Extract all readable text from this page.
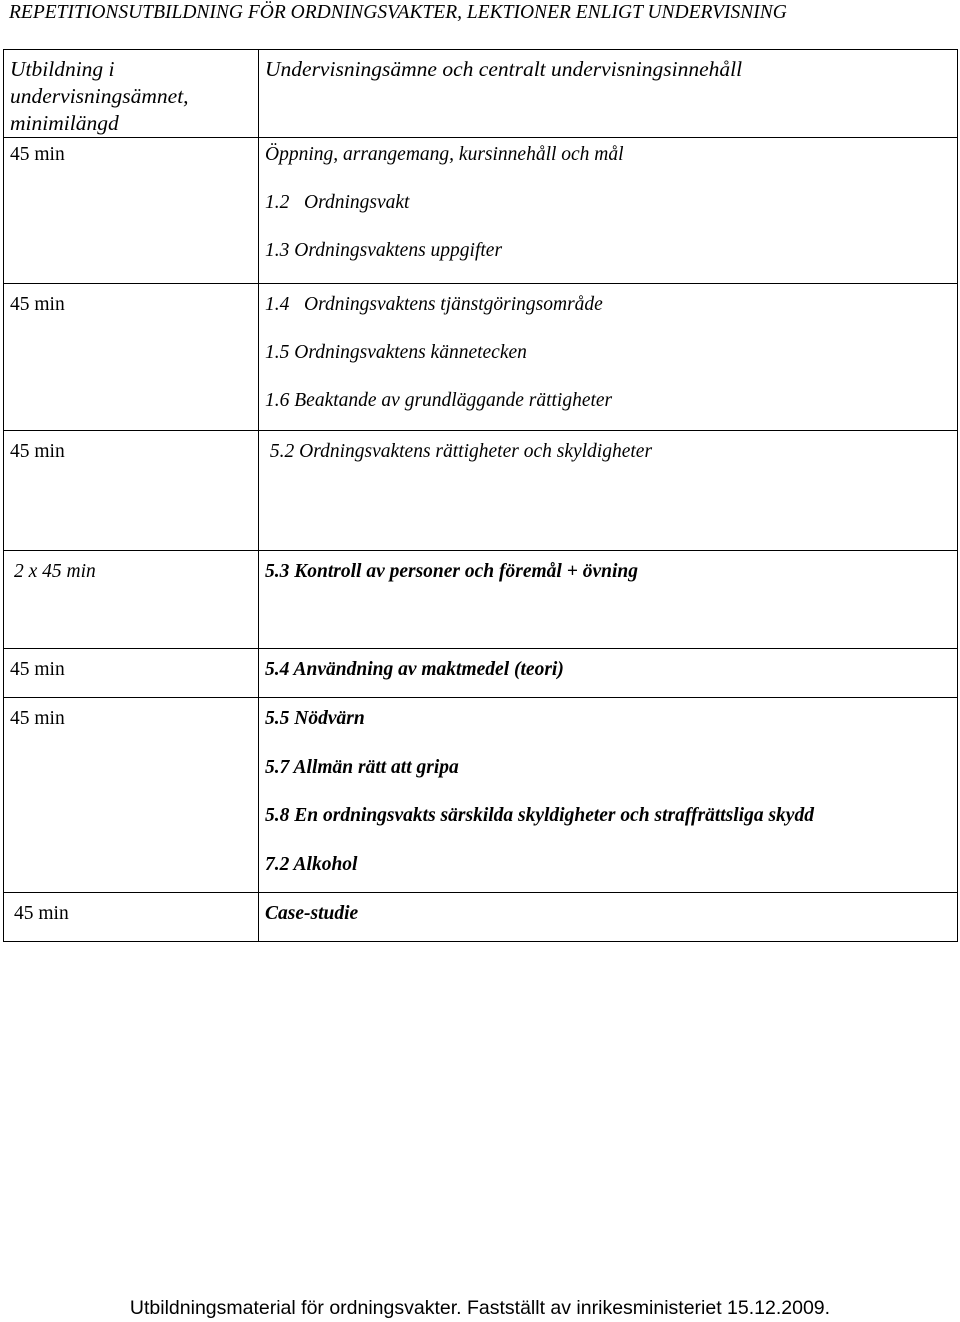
REPETITIONSUTBILDNING FÖR ORDNINGSVAKTER, LEKTIONER ENLIGT UNDERVISNING
Utbildning i undervisningsämnet, minimilängd	Undervisningsämne och centralt undervisningsinnehåll

45 min	Öppning, arrangemang, kursinnehåll och mål
1.2   Ordningsvakt
1.3 Ordningsvaktens uppgifter

45 min	1.4   Ordningsvaktens tjänstgöringsområde
1.5 Ordningsvaktens kännetecken
1.6 Beaktande av grundläggande rättigheter

45 min	5.2 Ordningsvaktens rättigheter och skyldigheter

2 x 45 min	5.3 Kontroll av personer och föremål + övning

45 min	5.4 Användning av maktmedel (teori)

45 min	5.5 Nödvärn
5.7 Allmän rätt att gripa
5.8 En ordningsvakts särskilda skyldigheter och straffrättsliga skydd
7.2 Alkohol

45 min	Case-studie
Utbildningsmaterial för ordningsvakter. Fastställt av inrikesministeriet 15.12.2009.
